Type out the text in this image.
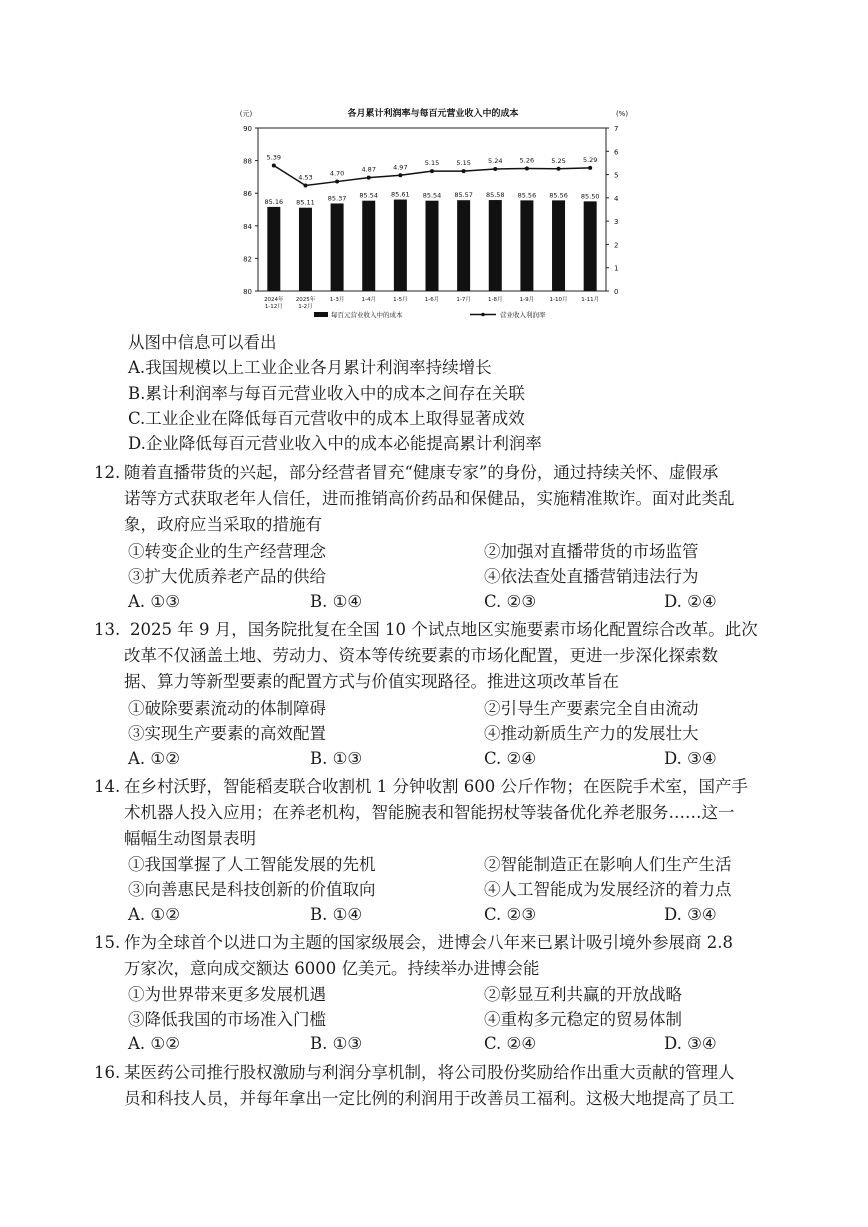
各月累计利润率与每百元营业收入中的成本
(元)	(%)
90
88
86
84
82
80
7
6
5
4
3
2
1
0
85.16 85.11
85.37 85.54 85.61 85.54 85.57 85.58 85.56 85.56 85.50
5.39
4.53	4.70	4.87	4.97
5.15	5.15	5.24	5.26	5.25	5.29
2024年
1-12月
2025年
1-2月
1-3月	1-4月	1-5月	1-6月	1-7月	1-8月	1-9月	1-10月 1-11月
每百元营业收入中的成本	营业收入利润率
从图中信息可以看出
A.我国规模以上工业企业各月累计利润率持续增长
B.累计利润率与每百元营业收入中的成本之间存在关联
C.工业企业在降低每百元营收中的成本上取得显著成效
D.企业降低每百元营业收入中的成本必能提高累计利润率
12. 随着直播带货的兴起，部分经营者冒充“健康专家”的身份，通过持续关怀、虚假承
诺等方式获取老年人信任，进而推销高价药品和保健品，实施精准欺诈。面对此类乱
象，政府应当采取的措施有
①转变企业的生产经营理念	②加强对直播带货的市场监管
③扩大优质养老产品的供给	④依法查处直播营销违法行为
A. ①③	B. ①④	C. ②③	D. ②④
13. 2025 年 9 月，国务院批复在全国 10 个试点地区实施要素市场化配置综合改革。此次
改革不仅涵盖土地、劳动力、资本等传统要素的市场化配置，更进一步深化探索数
据、算力等新型要素的配置方式与价值实现路径。推进这项改革旨在
①破除要素流动的体制障碍	②引导生产要素完全自由流动
③实现生产要素的高效配置	④推动新质生产力的发展壮大
A. ①②	B. ①③	C. ②④	D. ③④
14. 在乡村沃野，智能稻麦联合收割机 1 分钟收割 600 公斤作物；在医院手术室，国产手
术机器人投入应用；在养老机构，智能腕表和智能拐杖等装备优化养老服务……这一
幅幅生动图景表明
①我国掌握了人工智能发展的先机	②智能制造正在影响人们生产生活
③向善惠民是科技创新的价值取向	④人工智能成为发展经济的着力点
A. ①②	B. ①④	C. ②③	D. ③④
15. 作为全球首个以进口为主题的国家级展会，进博会八年来已累计吸引境外参展商 2.8
万家次，意向成交额达 6000 亿美元。持续举办进博会能
①为世界带来更多发展机遇	②彰显互利共赢的开放战略
③降低我国的市场准入门槛	④重构多元稳定的贸易体制
A. ①②	B. ①③	C. ②④	D. ③④
16. 某医药公司推行股权激励与利润分享机制，将公司股份奖励给作出重大贡献的管理人
员和科技人员，并每年拿出一定比例的利润用于改善员工福利。这极大地提高了员工
